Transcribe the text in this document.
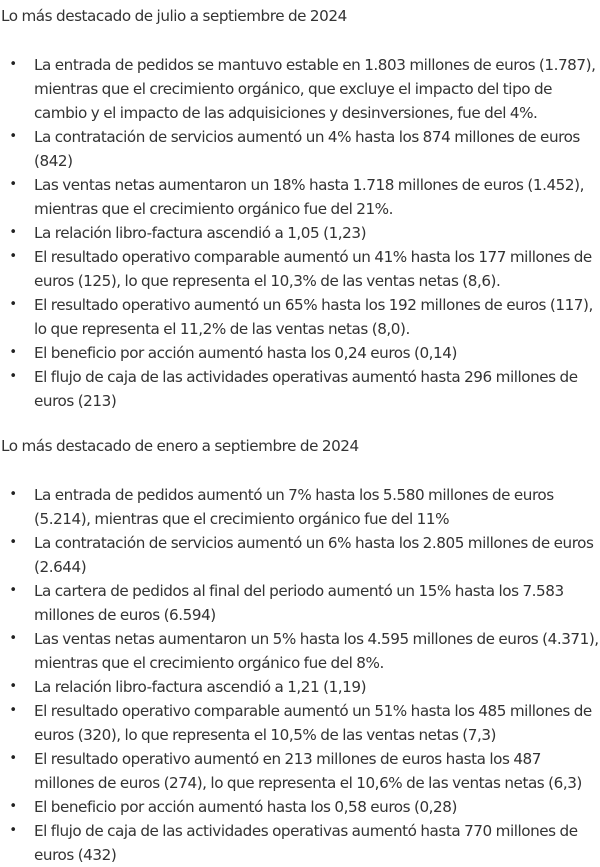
Lo más destacado de julio a septiembre de 2024
• La entrada de pedidos se mantuvo estable en 1.803 millones de euros (1.787), mientras que el crecimiento orgánico, que excluye el impacto del tipo de cambio y el impacto de las adquisiciones y desinversiones, fue del 4%.
• La contratación de servicios aumentó un 4% hasta los 874 millones de euros (842)
• Las ventas netas aumentaron un 18% hasta 1.718 millones de euros (1.452), mientras que el crecimiento orgánico fue del 21%.
• La relación libro-factura ascendió a 1,05 (1,23)
• El resultado operativo comparable aumentó un 41% hasta los 177 millones de euros (125), lo que representa el 10,3% de las ventas netas (8,6).
• El resultado operativo aumentó un 65% hasta los 192 millones de euros (117), lo que representa el 11,2% de las ventas netas (8,0).
• El beneficio por acción aumentó hasta los 0,24 euros (0,14)
• El flujo de caja de las actividades operativas aumentó hasta 296 millones de euros (213)
Lo más destacado de enero a septiembre de 2024
• La entrada de pedidos aumentó un 7% hasta los 5.580 millones de euros (5.214), mientras que el crecimiento orgánico fue del 11%
• La contratación de servicios aumentó un 6% hasta los 2.805 millones de euros (2.644)
• La cartera de pedidos al final del periodo aumentó un 15% hasta los 7.583 millones de euros (6.594)
• Las ventas netas aumentaron un 5% hasta los 4.595 millones de euros (4.371), mientras que el crecimiento orgánico fue del 8%.
• La relación libro-factura ascendió a 1,21 (1,19)
• El resultado operativo comparable aumentó un 51% hasta los 485 millones de euros (320), lo que representa el 10,5% de las ventas netas (7,3)
• El resultado operativo aumentó en 213 millones de euros hasta los 487 millones de euros (274), lo que representa el 10,6% de las ventas netas (6,3)
• El beneficio por acción aumentó hasta los 0,58 euros (0,28)
• El flujo de caja de las actividades operativas aumentó hasta 770 millones de euros (432)
